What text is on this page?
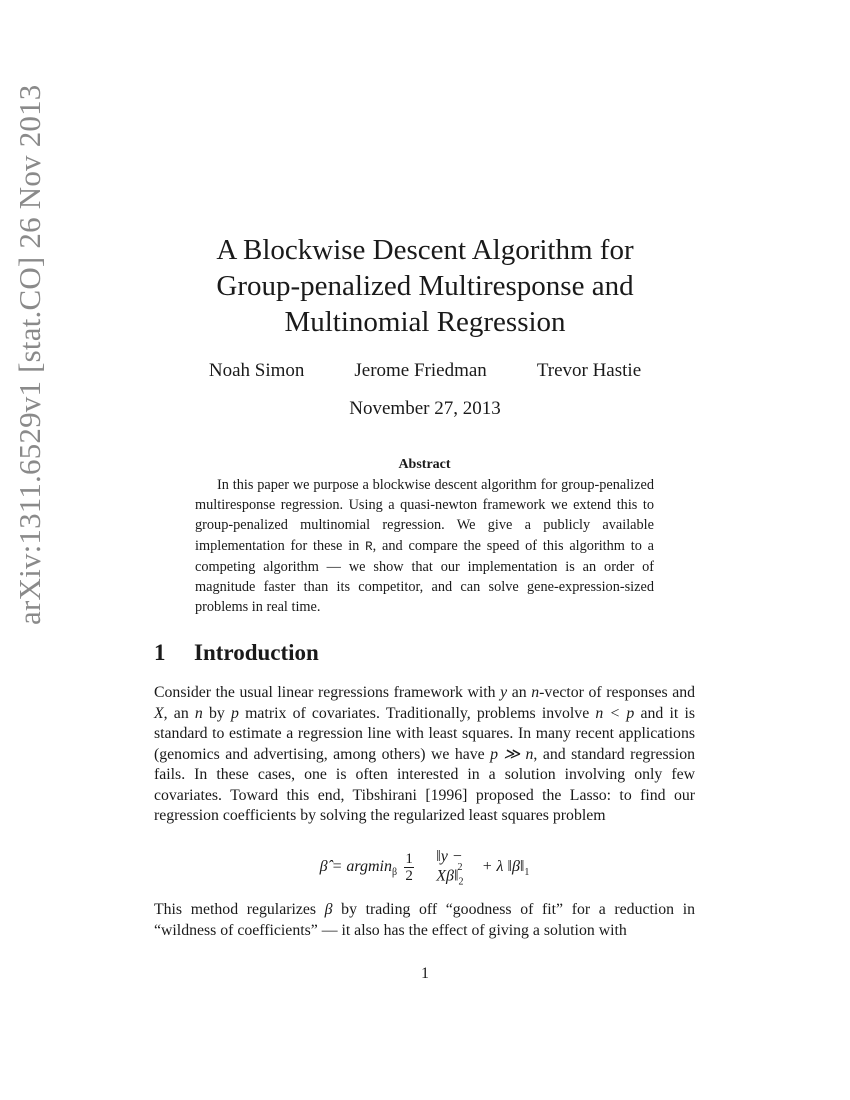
arXiv:1311.6529v1 [stat.CO] 26 Nov 2013	A Blockwise Descent Algorithm for
Group-penalized Multiresponse and
Multinomial Regression
Noah Simon	Jerome Friedman	Trevor Hastie
November 27, 2013
Abstract

In this paper we purpose a blockwise descent algorithm for group-penalized multiresponse regression. Using a quasi-newton framework we extend this to group-penalized multinomial regression. We give a publicly available implementation for these in R, and compare the speed of this algorithm to a competing algorithm — we show that our implementation is an order of magnitude faster than its competitor, and can solve gene-expression-sized problems in real time.

1 Introduction

Consider the usual linear regressions framework with y an n-vector of responses and X, an n by p matrix of covariates. Traditionally, problems involve n < p and it is standard to estimate a regression line with least squares. In many recent applications (genomics and advertising, among others) we have p ≫ n, and standard regression fails. In these cases, one is often interested in a solution involving only few covariates. Toward this end, Tibshirani [1996] proposed the Lasso: to find our regression coefficients by solving the regularized least squares problem

β̂ = $argmin_\beta \frac{1}{2}$	‖y − $X\beta‖_2^2$	+ λ $‖\beta‖_1$

This method regularizes β by trading off “goodness of fit” for a reduction in “wildness of coefficients” — it also has the effect of giving a solution with

1
